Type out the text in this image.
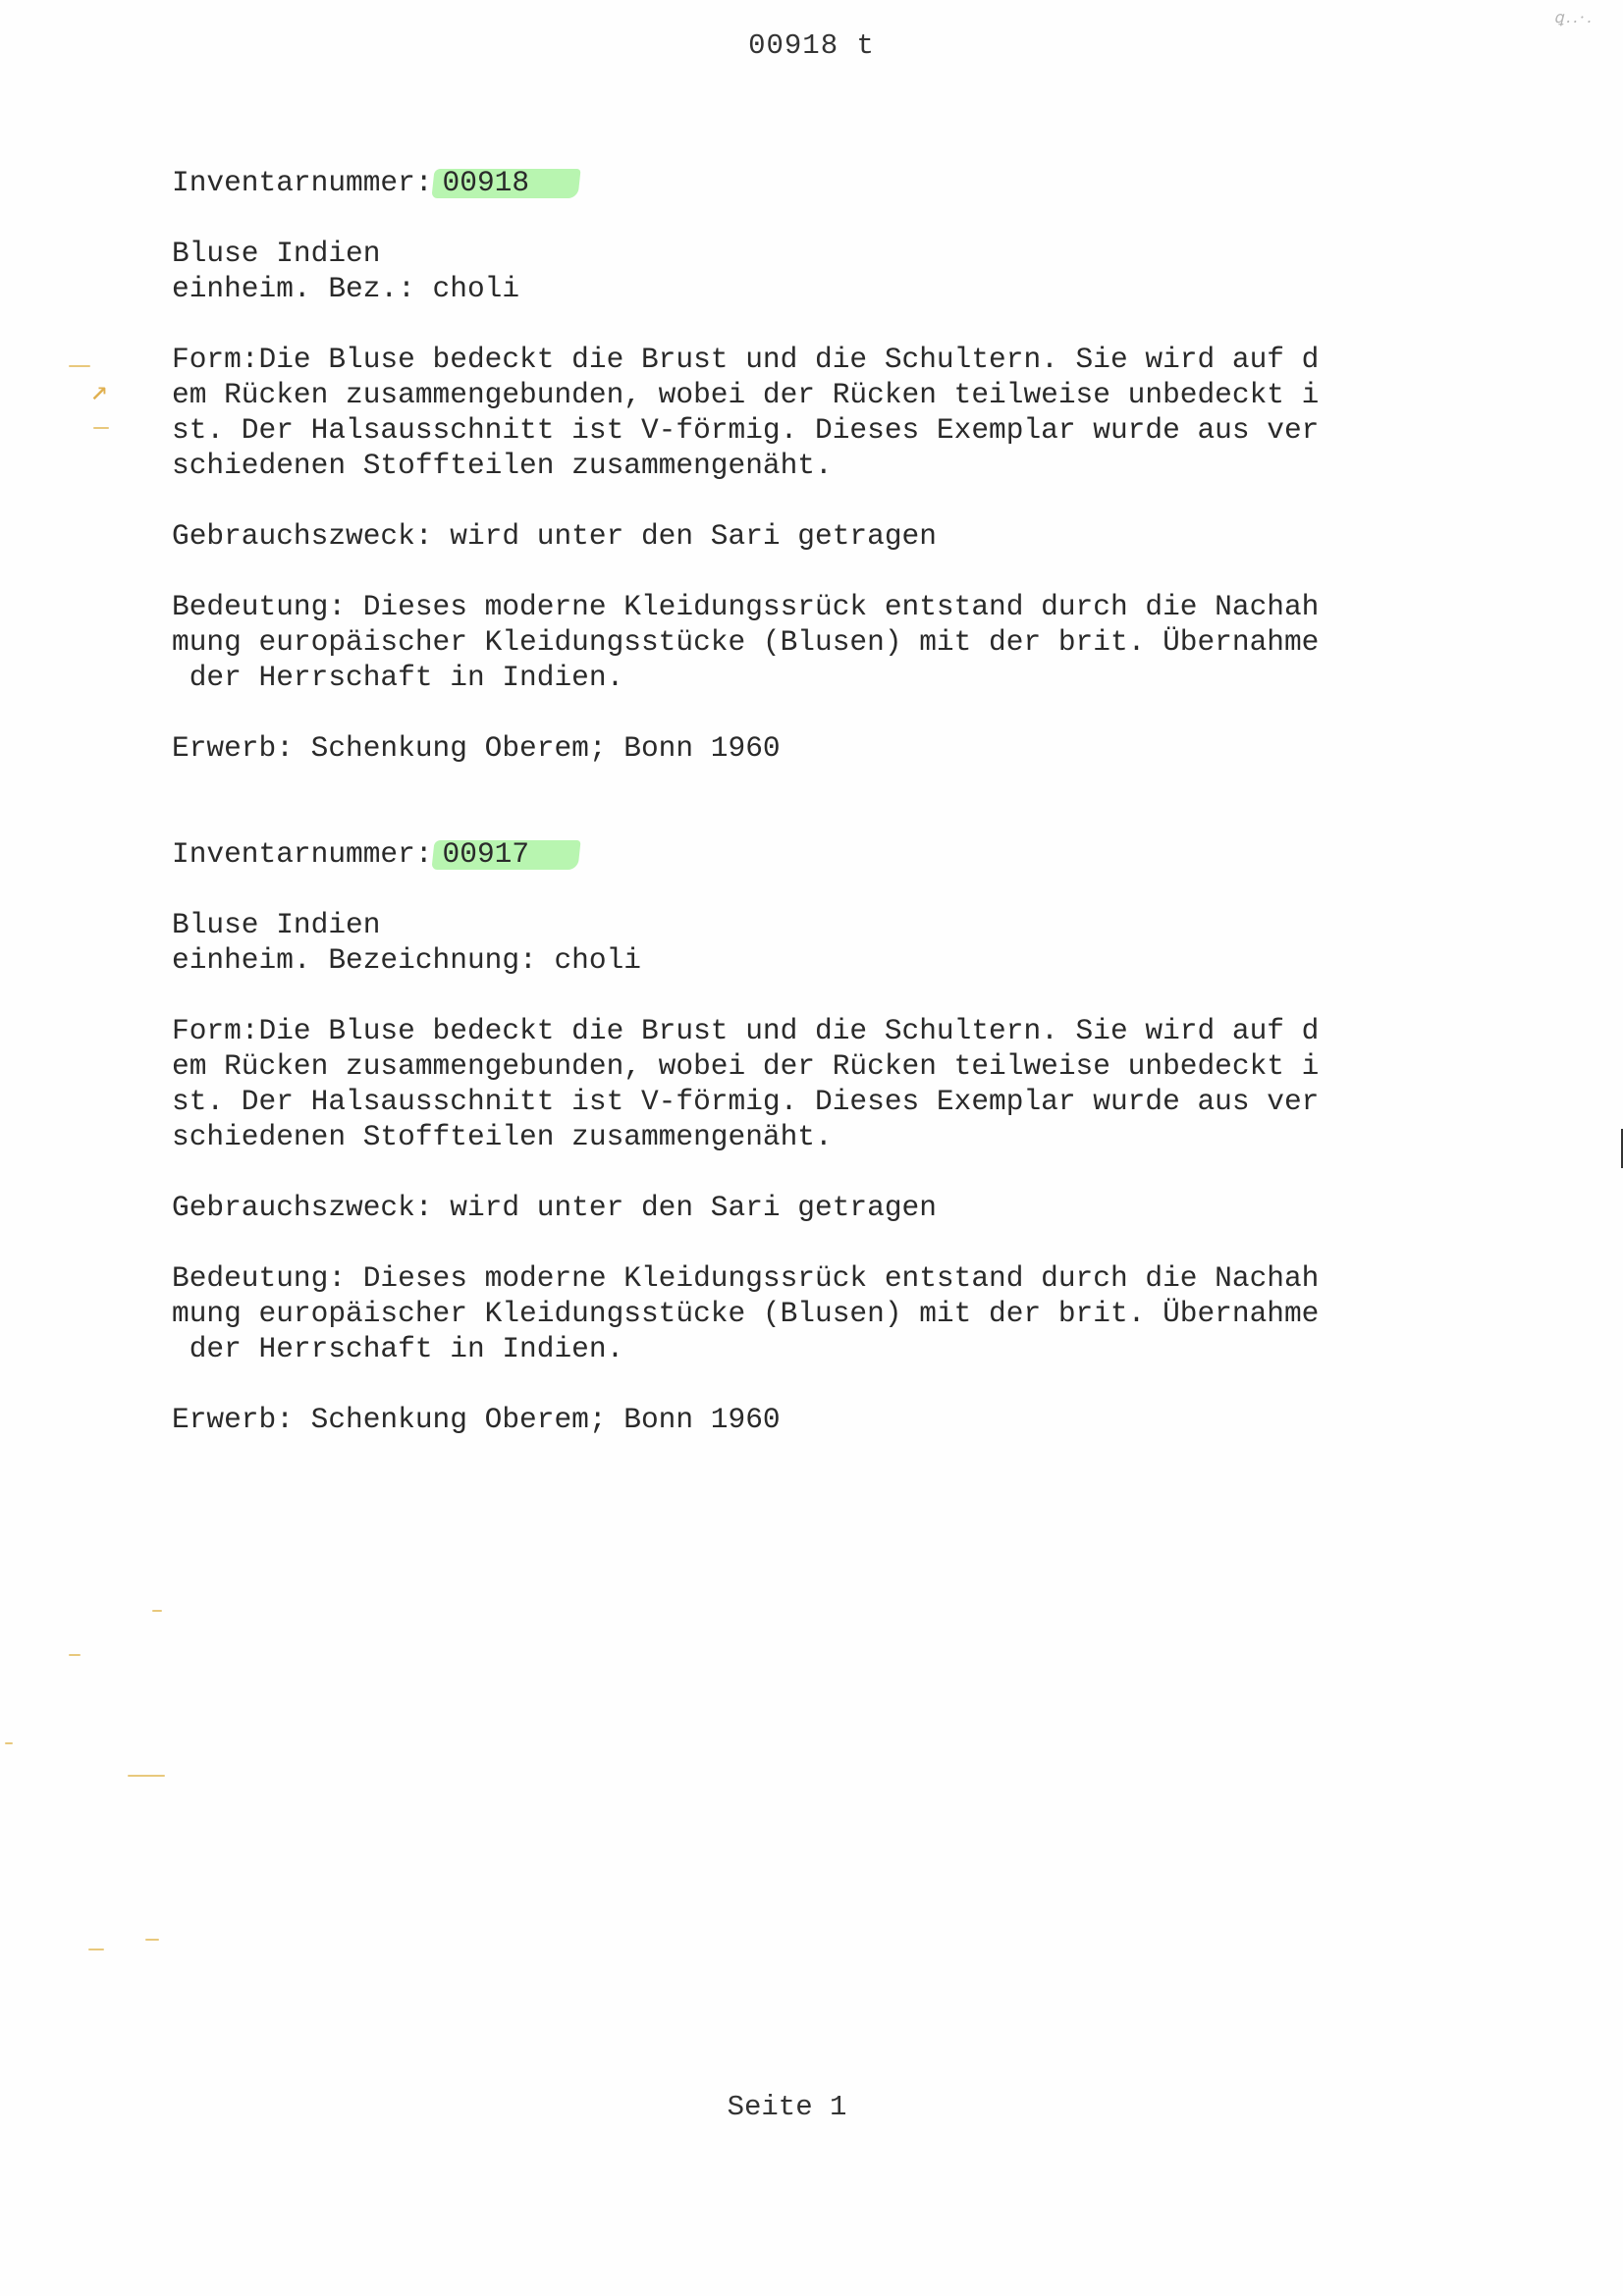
ꝗ..·.
00918 t

Inventarnummer: 00918

Bluse Indien

einheim. Bez.: choli

Form:Die Bluse bedeckt die Brust und die Schultern. Sie wird auf d

em Rücken zusammengebunden, wobei der Rücken teilweise unbedeckt i

st. Der Halsausschnitt ist V-förmig. Dieses Exemplar wurde aus ver

schiedenen Stoffteilen zusammengenäht.

Gebrauchszweck: wird unter den Sari getragen

Bedeutung: Dieses moderne Kleidungssrück entstand durch die Nachah

mung europäischer Kleidungsstücke (Blusen) mit der brit. Übernahme

der Herrschaft in Indien.

Erwerb: Schenkung Oberem; Bonn 1960

Inventarnummer: 00917

Bluse Indien

einheim. Bezeichnung: choli

Form:Die Bluse bedeckt die Brust und die Schultern. Sie wird auf d

em Rücken zusammengebunden, wobei der Rücken teilweise unbedeckt i

st. Der Halsausschnitt ist V-förmig. Dieses Exemplar wurde aus ver

schiedenen Stoffteilen zusammengenäht.

Gebrauchszweck: wird unter den Sari getragen

Bedeutung: Dieses moderne Kleidungssrück entstand durch die Nachah

mung europäischer Kleidungsstücke (Blusen) mit der brit. Übernahme

der Herrschaft in Indien.

Erwerb: Schenkung Oberem; Bonn 1960

Seite 1
↗
